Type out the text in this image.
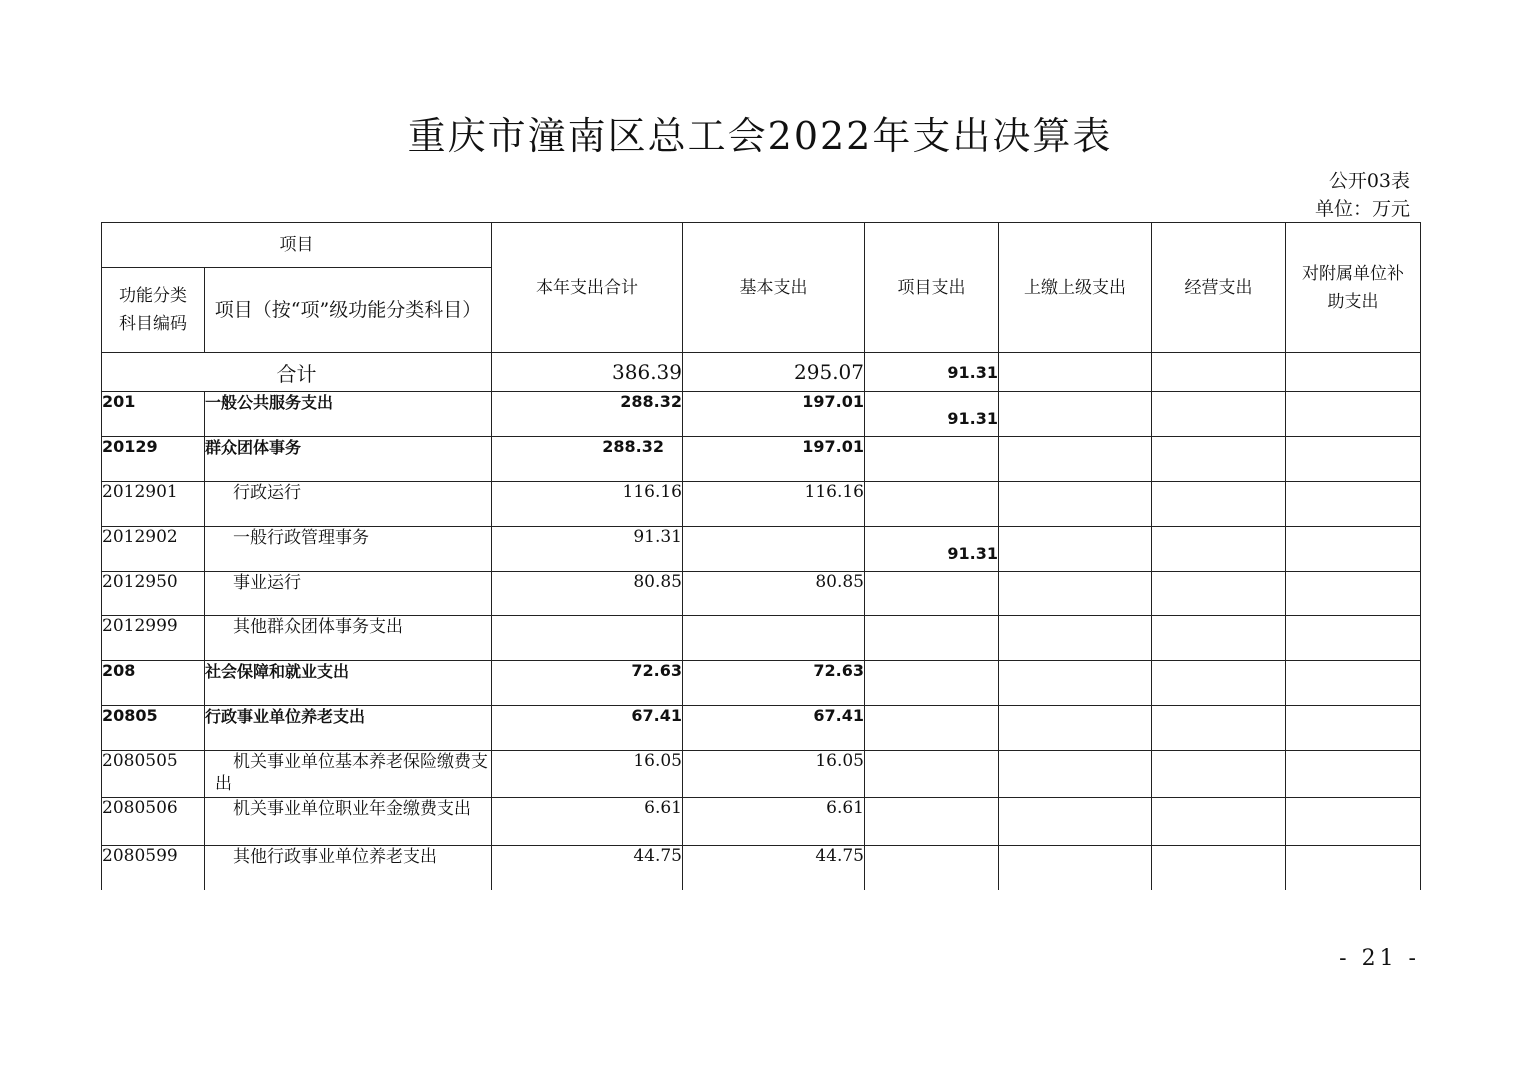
重庆市潼南区总工会2022年支出决算表
公开03表
单位：万元
项目		本年支出合计	基本支出	项目支出	上缴上级支出	经营支出	对附属单位补助支出
功能分类科目编码	项目（按“项”级功能分类科目）						
合计		386.39	295.07	91.31			
201	一般公共服务支出	288.32	197.01	91.31			
20129	群众团体事务	288.32	197.01				
2012901	行政运行	116.16	116.16				
2012902	一般行政管理事务	91.31		91.31			
2012950	事业运行	80.85	80.85				
2012999	其他群众团体事务支出						
208	社会保障和就业支出	72.63	72.63				
20805	行政事业单位养老支出	67.41	67.41				
2080505	机关事业单位基本养老保险缴费支出	16.05	16.05				
2080506	机关事业单位职业年金缴费支出	6.61	6.61				
2080599	其他行政事业单位养老支出	44.75	44.75				
- 21 -
